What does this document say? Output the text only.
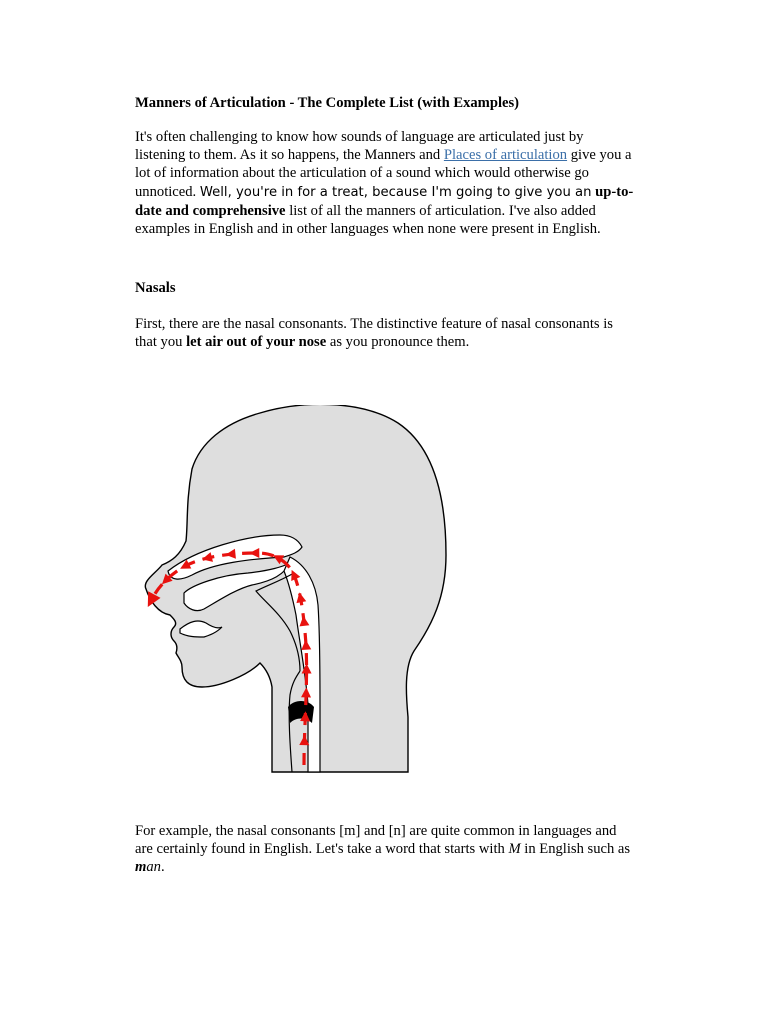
Manners of Articulation - The Complete List (with Examples)
It's often challenging to know how sounds of language are articulated just by listening to them. As it so happens, the Manners and Places of articulation give you a lot of information about the articulation of a sound which would otherwise go unnoticed. Well, you're in for a treat, because I'm going to give you an up-to-date and comprehensive list of all the manners of articulation. I've also added examples in English and in other languages when none were present in English.
Nasals
First, there are the nasal consonants. The distinctive feature of nasal consonants is that you let air out of your nose as you pronounce them.
For example, the nasal consonants [m] and [n] are quite common in languages and are certainly found in English. Let's take a word that starts with M in English such as man.
